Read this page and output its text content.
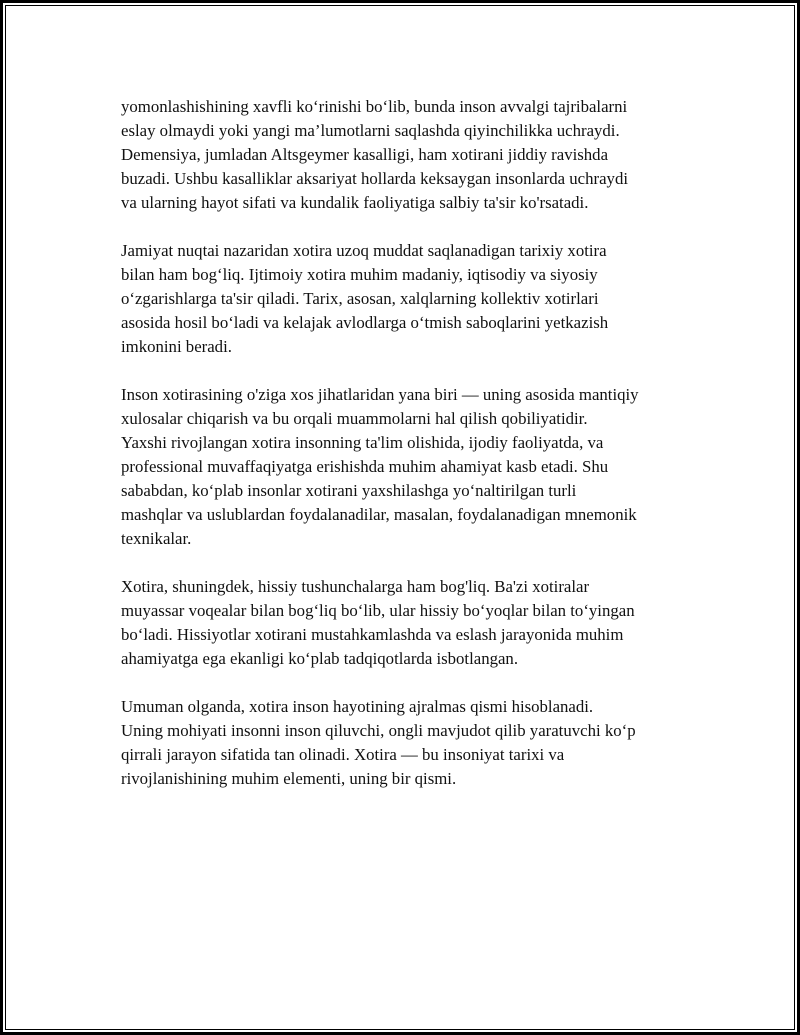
yomonlashishining xavfli ko‘rinishi bo‘lib, bunda inson avvalgi tajribalarni
eslay olmaydi yoki yangi ma’lumotlarni saqlashda qiyinchilikka uchraydi.
Demensiya, jumladan Altsgeymer kasalligi, ham xotirani jiddiy ravishda
buzadi. Ushbu kasalliklar aksariyat hollarda keksaygan insonlarda uchraydi
va ularning hayot sifati va kundalik faoliyatiga salbiy ta'sir ko'rsatadi.

Jamiyat nuqtai nazaridan xotira uzoq muddat saqlanadigan tarixiy xotira
bilan ham bog‘liq. Ijtimoiy xotira muhim madaniy, iqtisodiy va siyosiy
o‘zgarishlarga ta'sir qiladi. Tarix, asosan, xalqlarning kollektiv xotirlari
asosida hosil bo‘ladi va kelajak avlodlarga o‘tmish saboqlarini yetkazish
imkonini beradi.

Inson xotirasining o'ziga xos jihatlaridan yana biri — uning asosida mantiqiy
xulosalar chiqarish va bu orqali muammolarni hal qilish qobiliyatidir.
Yaxshi rivojlangan xotira insonning ta'lim olishida, ijodiy faoliyatda, va
professional muvaffaqiyatga erishishda muhim ahamiyat kasb etadi. Shu
sababdan, ko‘plab insonlar xotirani yaxshilashga yo‘naltirilgan turli
mashqlar va uslublardan foydalanadilar, masalan, foydalanadigan mnemonik
texnikalar.

Xotira, shuningdek, hissiy tushunchalarga ham bog'liq. Ba'zi xotiralar
muyassar voqealar bilan bog‘liq bo‘lib, ular hissiy bo‘yoqlar bilan to‘yingan
bo‘ladi. Hissiyotlar xotirani mustahkamlashda va eslash jarayonida muhim
ahamiyatga ega ekanligi ko‘plab tadqiqotlarda isbotlangan.

Umuman olganda, xotira inson hayotining ajralmas qismi hisoblanadi.
Uning mohiyati insonni inson qiluvchi, ongli mavjudot qilib yaratuvchi ko‘p
qirrali jarayon sifatida tan olinadi. Xotira — bu insoniyat tarixi va
rivojlanishining muhim elementi, uning bir qismi.
